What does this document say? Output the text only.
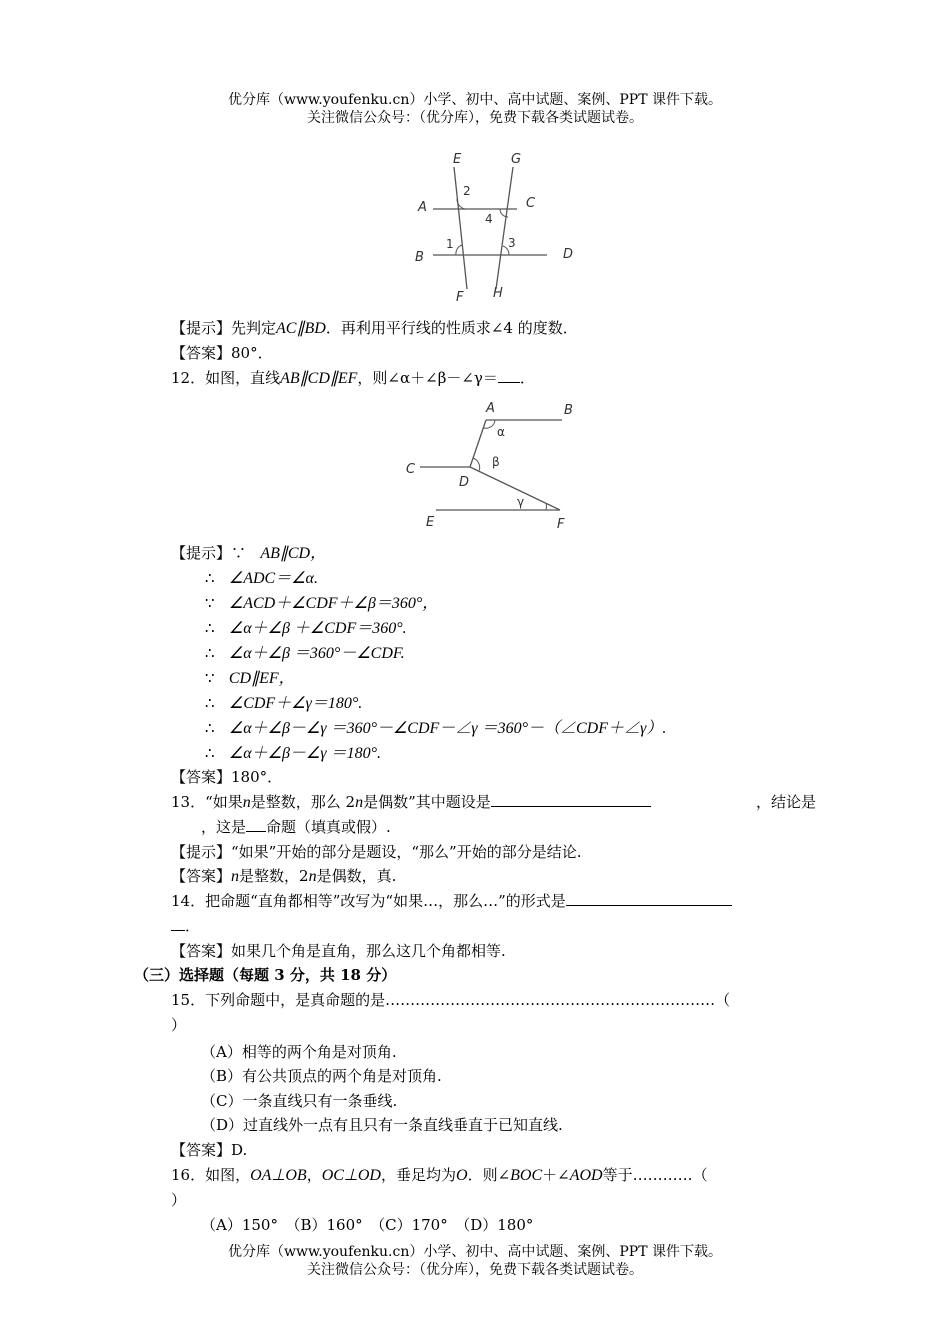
优分库（www.youfenku.cn）小学、初中、高中试题、案例、PPT 课件下载。
关注微信公众号：（优分库），免费下载各类试题试卷。
E	G
A	C
B	D
F H
2
4
1	3
【提示】先判定AC∥BD．再利用平行线的性质求∠4 的度数．
【答案】80°．
12．如图，直线AB∥CD∥EF，则∠α＋∠β－∠γ＝ ．
A	B
C
D
E	F
α
β
γ
【提示】∵ AB∥CD，
∴ ∠ADC＝∠α.
∵ ∠ACD＋∠CDF＋∠β＝360°，
∴ ∠α＋∠β ＋∠CDF＝360°.
∴ ∠α＋∠β ＝360°－∠CDF.
∵ CD∥EF，
∴ ∠CDF＋∠γ＝180°.
∴ ∠α＋∠β－∠γ ＝360°－∠CDF－∠γ ＝360°－（∠CDF＋∠γ）.
∴ ∠α＋∠β－∠γ ＝180°.
【答案】180°．
13．“如果n是整数，那么 2n是偶数”其中题设是	，结论是
，这是 命题（填真或假）.
【提示】“如果”开始的部分是题设，“那么”开始的部分是结论.
【答案】n是整数，2n是偶数，真.
14．把命题“直角都相等”改写为“如果…，那么…”的形式是
．
【答案】如果几个角是直角，那么这几个角都相等.
（三）选择题（每题 3 分，共 18 分）
15．下列命题中，是真命题的是…………………………………………………………（
）
（A）相等的两个角是对顶角.
（B）有公共顶点的两个角是对顶角.
（C）一条直线只有一条垂线.
（D）过直线外一点有且只有一条直线垂直于已知直线.
【答案】D.
16．如图，OA⊥OB，OC⊥OD，垂足均为O．则∠BOC＋∠AOD等于…………（
）
（A）150°　（B）160°　（C）170°　（D）180°
优分库（www.youfenku.cn）小学、初中、高中试题、案例、PPT 课件下载。
关注微信公众号：（优分库），免费下载各类试题试卷。
